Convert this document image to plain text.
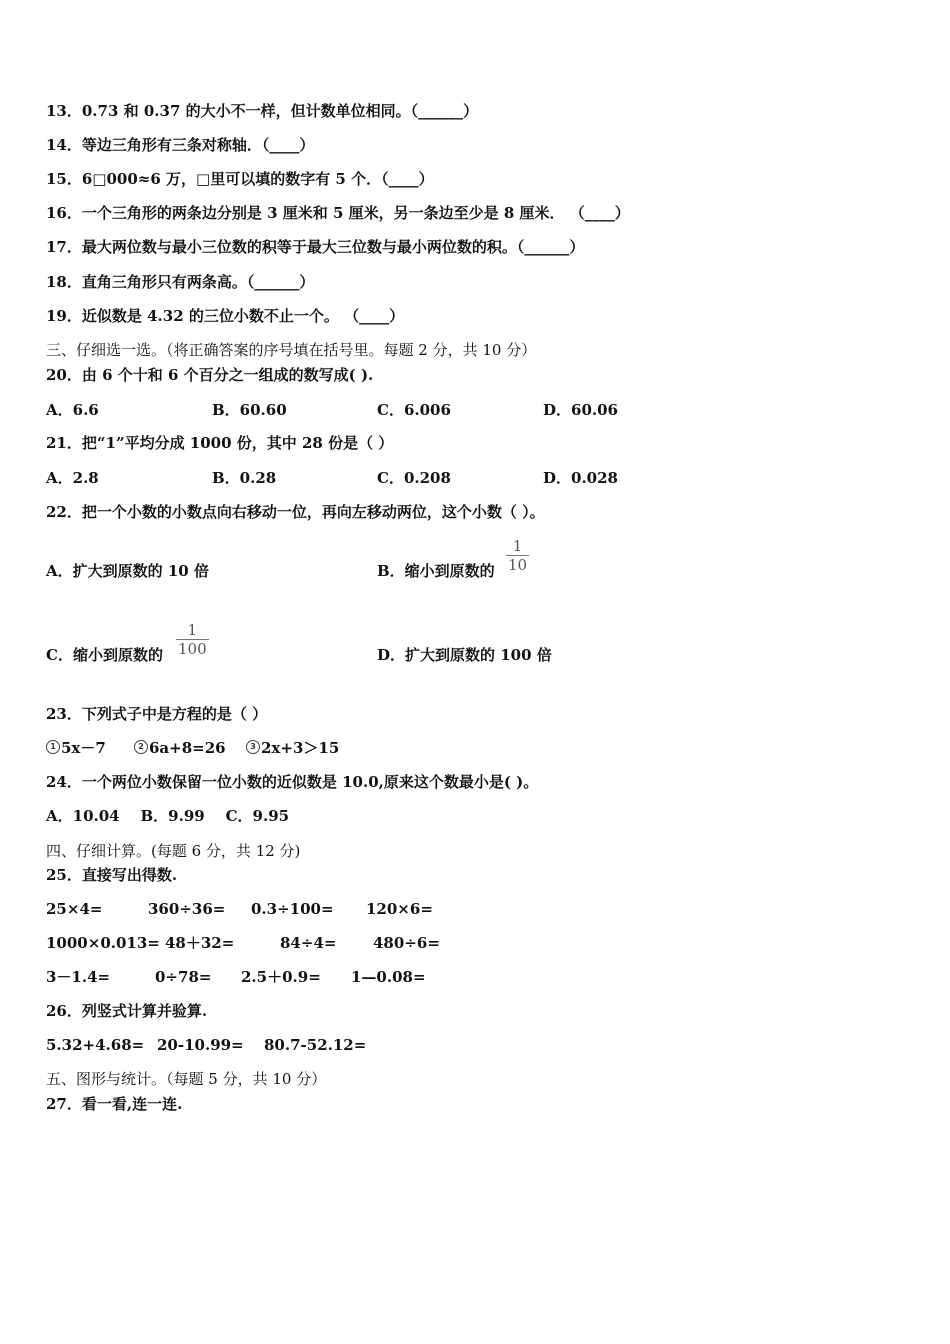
13．0.73 和 0.37 的大小不一样，但计数单位相同。（______）
14．等边三角形有三条对称轴．（____）
15．6□000≈6 万，□里可以填的数字有 5 个．（____）
16．一个三角形的两条边分别是 3 厘米和 5 厘米，另一条边至少是 8 厘米． （____）
17．最大两位数与最小三位数的积等于最大三位数与最小两位数的积。（______）
18．直角三角形只有两条高。（______）
19．近似数是 4.32 的三位小数不止一个。 （____）
三、仔细选一选。（将正确答案的序号填在括号里。每题 2 分，共 10 分）
20．由 6 个十和 6 个百分之一组成的数写成( ).
A．6.6	B．60.60	C．6.006	D．60.06
21．把“1”平均分成 1000 份，其中 28 份是（ ）
A．2.8	B．0.28	C．0.208	D．0.028
22．把一个小数的小数点向右移动一位，再向左移动两位，这个小数（ ）。
A．扩大到原数的 10 倍	B．缩小到原数的
1
10
C．缩小到原数的
1
100	D．扩大到原数的 100 倍
23．下列式子中是方程的是（ ）
1 5x－7	2 6a+8=26	3 2x+3＞15
24．一个两位小数保留一位小数的近似数是 10.0,原来这个数最小是( )。
A．10.04    B．9.99    C．9.95
四、仔细计算。(每题 6 分，共 12 分)
25．直接写出得数.
25×4=	360÷36= 0.3÷100= 120×6=
1000×0.013= 48＋32=	84÷4= 480÷6=
3－1.4=	0÷78= 2.5＋0.9= 1—0.08=
26．列竖式计算并验算.
5.32+4.68= 20-10.99= 80.7-52.12=
五、图形与统计。（每题 5 分，共 10 分）
27．看一看,连一连.
